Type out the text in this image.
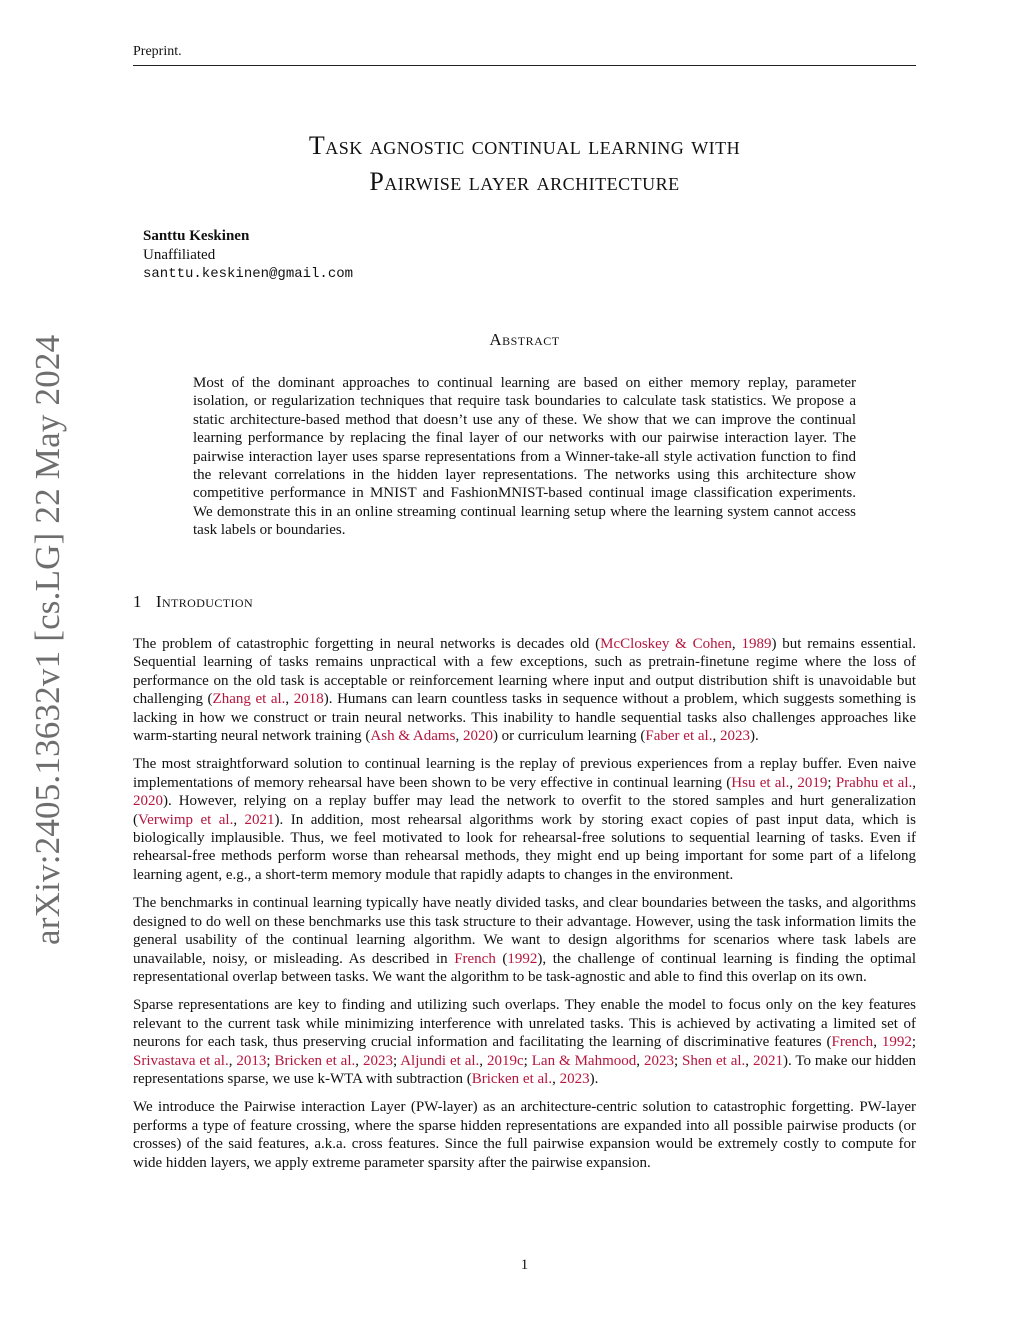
Preprint.
arXiv:2405.13632v1 [cs.LG] 22 May 2024
Task agnostic continual learning with
Pairwise layer architecture
Santtu Keskinen
Unaffiliated
santtu.keskinen@gmail.com
Abstract
Most of the dominant approaches to continual learning are based on either memory replay, parameter isolation, or regularization techniques that require task boundaries to calculate task statistics. We propose a static architecture-based method that doesn’t use any of these. We show that we can improve the continual learning performance by replacing the final layer of our networks with our pairwise interaction layer. The pairwise interaction layer uses sparse representations from a Winner-take-all style activation function to find the relevant correlations in the hidden layer representations. The networks using this architecture show competitive performance in MNIST and FashionMNIST-based continual image classification experiments. We demonstrate this in an online streaming continual learning setup where the learning system cannot access task labels or boundaries.
1 Introduction

The problem of catastrophic forgetting in neural networks is decades old (McCloskey & Cohen, 1989) but remains essential. Sequential learning of tasks remains unpractical with a few exceptions, such as pretrain-finetune regime where the loss of performance on the old task is acceptable or reinforcement learning where input and output distribution shift is unavoidable but challenging (Zhang et al., 2018). Humans can learn countless tasks in sequence without a problem, which suggests something is lacking in how we construct or train neural networks. This inability to handle sequential tasks also challenges approaches like warm-starting neural network training (Ash & Adams, 2020) or curriculum learning (Faber et al., 2023).

The most straightforward solution to continual learning is the replay of previous experiences from a replay buffer. Even naive implementations of memory rehearsal have been shown to be very effective in continual learning (Hsu et al., 2019; Prabhu et al., 2020). However, relying on a replay buffer may lead the network to overfit to the stored samples and hurt generalization (Verwimp et al., 2021). In addition, most rehearsal algorithms work by storing exact copies of past input data, which is biologically implausible. Thus, we feel motivated to look for rehearsal-free solutions to sequential learning of tasks. Even if rehearsal-free methods perform worse than rehearsal methods, they might end up being important for some part of a lifelong learning agent, e.g., a short-term memory module that rapidly adapts to changes in the environment.

The benchmarks in continual learning typically have neatly divided tasks, and clear boundaries between the tasks, and algorithms designed to do well on these benchmarks use this task structure to their advantage. However, using the task information limits the general usability of the continual learning algorithm. We want to design algorithms for scenarios where task labels are unavailable, noisy, or misleading. As described in French (1992), the challenge of continual learning is finding the optimal representational overlap between tasks. We want the algorithm to be task-agnostic and able to find this overlap on its own.

Sparse representations are key to finding and utilizing such overlaps. They enable the model to focus only on the key features relevant to the current task while minimizing interference with unrelated tasks. This is achieved by activating a limited set of neurons for each task, thus preserving crucial information and facilitating the learning of discriminative features (French, 1992; Srivastava et al., 2013; Bricken et al., 2023; Aljundi et al., 2019c; Lan & Mahmood, 2023; Shen et al., 2021). To make our hidden representations sparse, we use k-WTA with subtraction (Bricken et al., 2023).

We introduce the Pairwise interaction Layer (PW-layer) as an architecture-centric solution to catastrophic forgetting. PW-layer performs a type of feature crossing, where the sparse hidden representations are expanded into all possible pairwise products (or crosses) of the said features, a.k.a. cross features. Since the full pairwise expansion would be extremely costly to compute for wide hidden layers, we apply extreme parameter sparsity after the pairwise expansion.

1
